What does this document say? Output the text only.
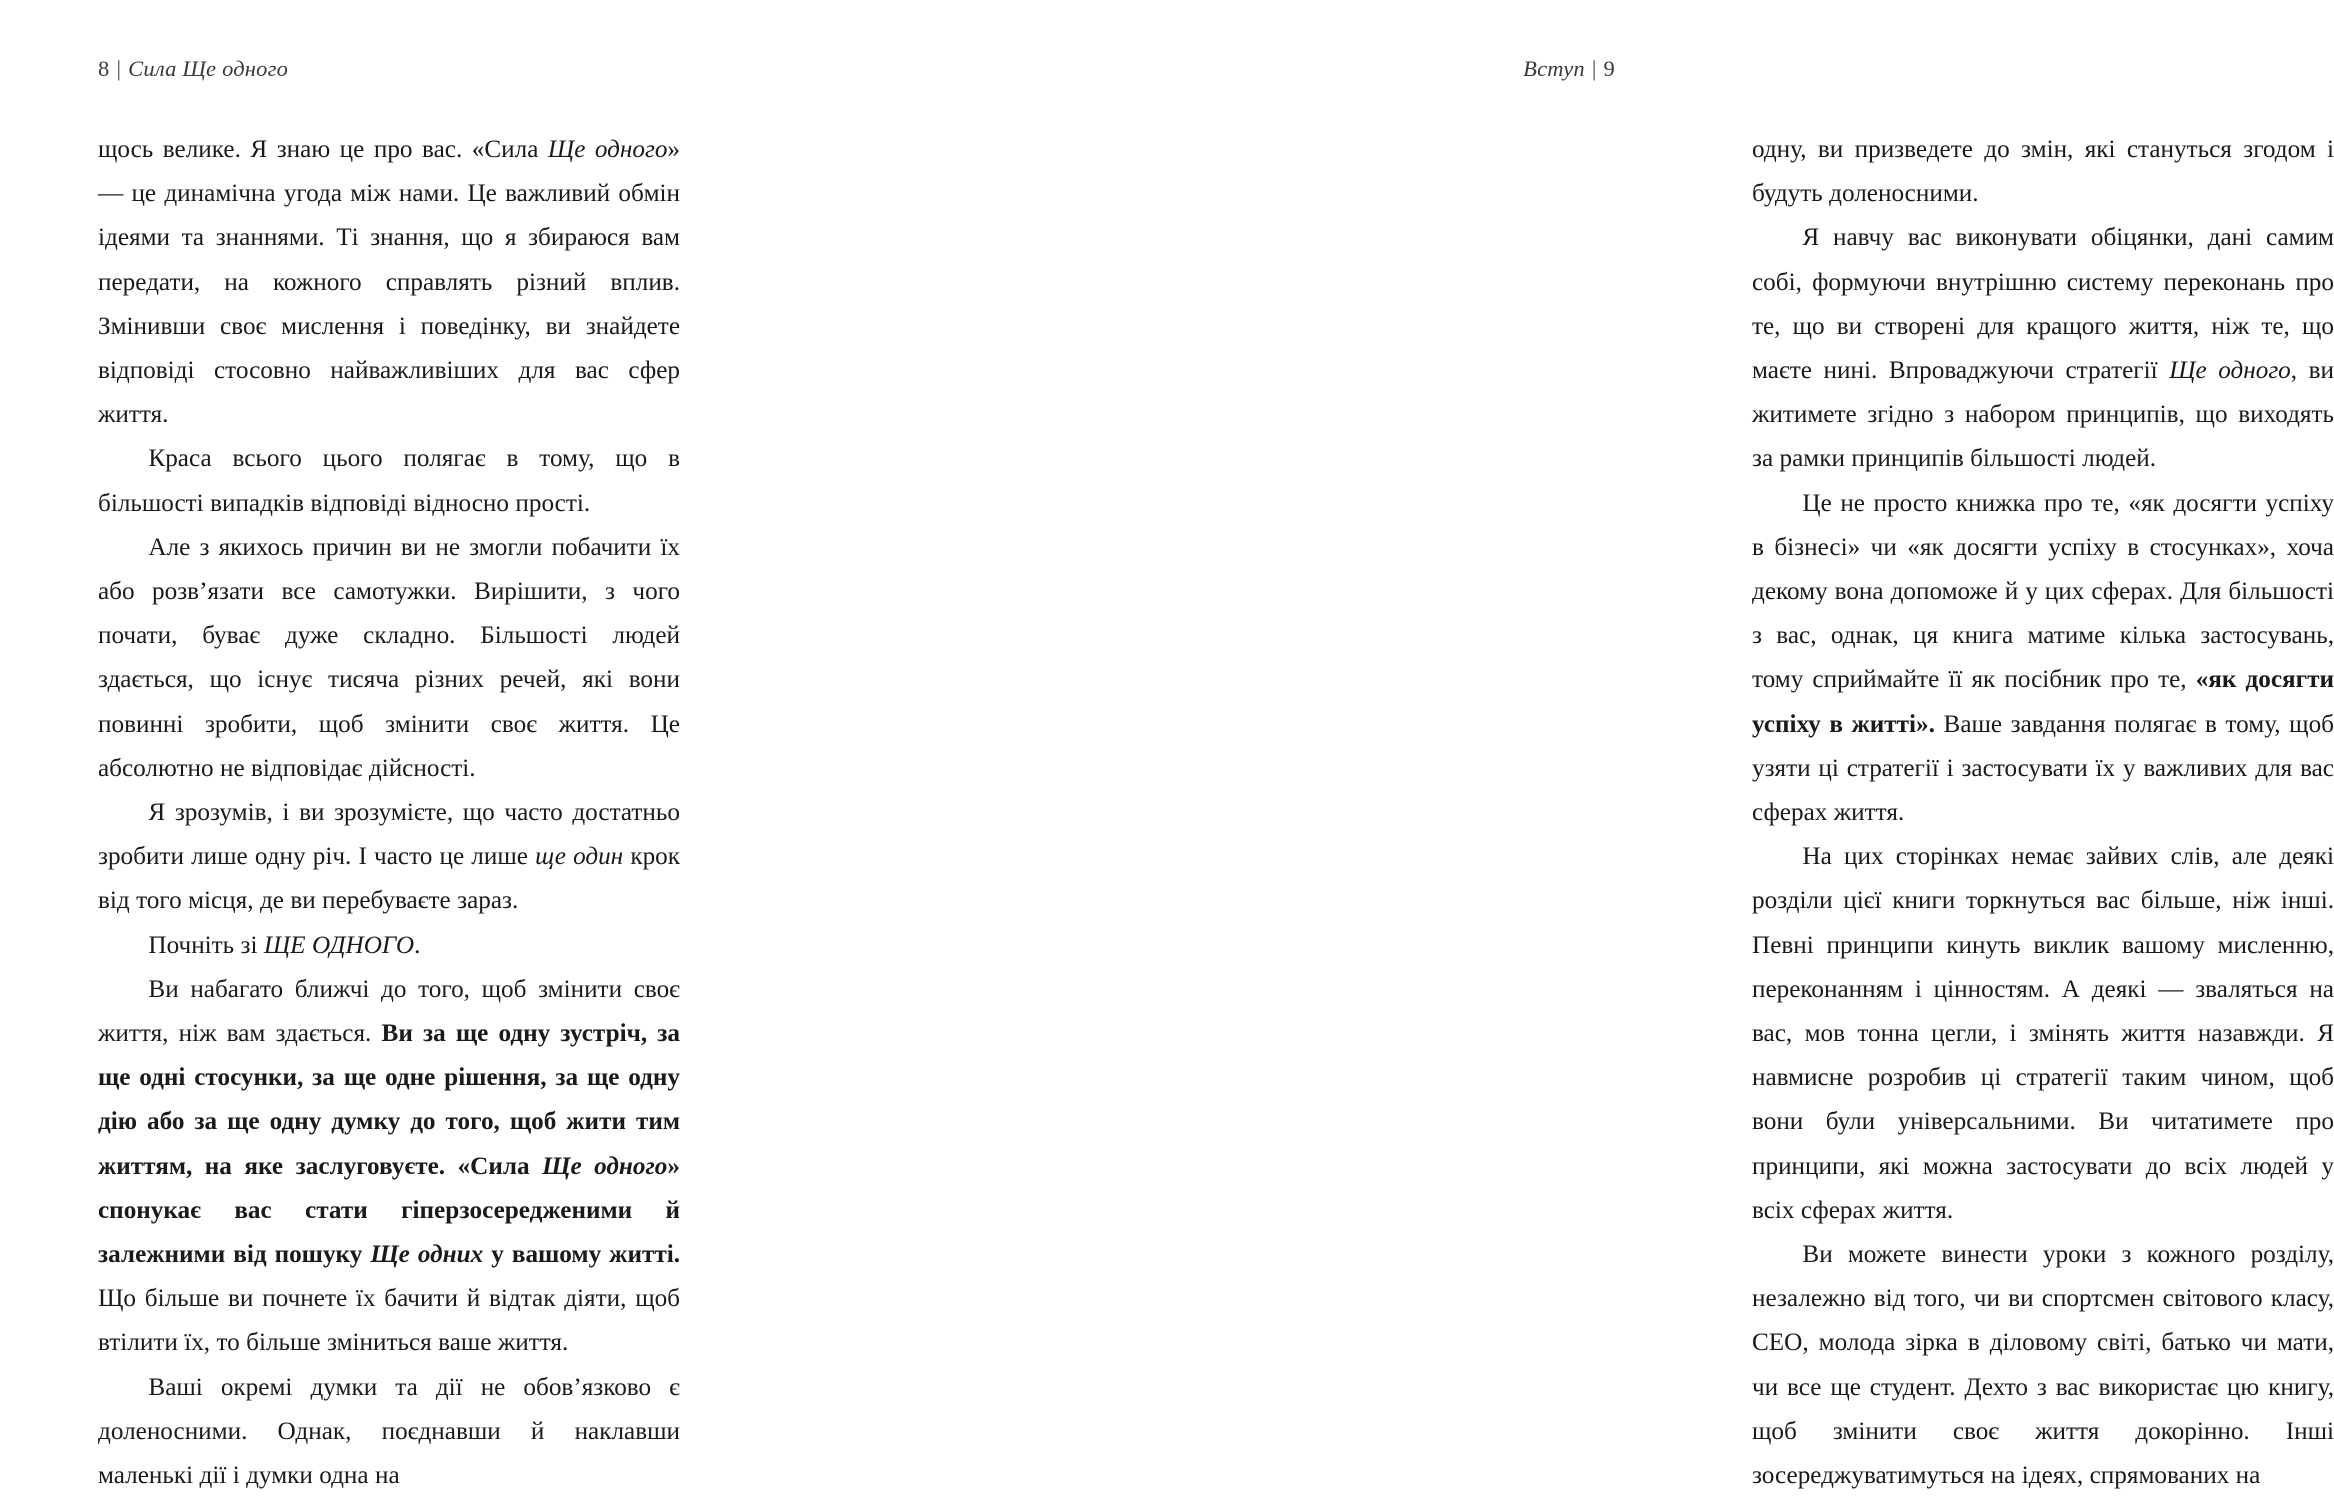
8 | Сила Ще одного

щось велике. Я знаю це про вас. «Сила Ще одного» — це динамічна угода між нами. Це важливий обмін ідеями та знаннями. Ті знання, що я збираюся вам передати, на кожного справлять різний вплив. Змінивши своє мислення і поведінку, ви знайдете відповіді стосовно найважливіших для вас сфер життя.

Краса всього цього полягає в тому, що в більшості випадків відповіді відносно прості.

Але з якихось причин ви не змогли побачити їх або розв’язати все самотужки. Вирішити, з чого почати, буває дуже складно. Більшості людей здається, що існує тисяча різних речей, які вони повинні зробити, щоб змінити своє життя. Це абсолютно не відповідає дійсності.

Я зрозумів, і ви зрозумієте, що часто достатньо зробити лише одну річ. І часто це лише ще один крок від того місця, де ви перебуваєте зараз.

Почніть зі ЩЕ ОДНОГО.

Ви набагато ближчі до того, щоб змінити своє життя, ніж вам здається. Ви за ще одну зустріч, за ще одні стосунки, за ще одне рішення, за ще одну дію або за ще одну думку до того, щоб жити тим життям, на яке заслуговуєте. «Сила Ще одного» спонукає вас стати гіперзосередженими й залежними від пошуку Ще одних у вашому житті. Що більше ви почнете їх бачити й відтак діяти, щоб втілити їх, то більше зміниться ваше життя.

Ваші окремі думки та дії не обов’язково є доленосними. Однак, поєднавши й наклавши маленькі дії і думки одна на

Вступ | 9

одну, ви призведете до змін, які стануться згодом і будуть доленосними.

Я навчу вас виконувати обіцянки, дані самим собі, формуючи внутрішню систему переконань про те, що ви створені для кращого життя, ніж те, що маєте нині. Впроваджуючи стратегії Ще одного, ви житимете згідно з набором принципів, що виходять за рамки принципів більшості людей.

Це не просто книжка про те, «як досягти успіху в бізнесі» чи «як досягти успіху в стосунках», хоча декому вона допоможе й у цих сферах. Для більшості з вас, однак, ця книга матиме кілька застосувань, тому сприймайте її як посібник про те, «як досягти успіху в житті». Ваше завдання полягає в тому, щоб узяти ці стратегії і застосувати їх у важливих для вас сферах життя.

На цих сторінках немає зайвих слів, але деякі розділи цієї книги торкнуться вас більше, ніж інші. Певні принципи кинуть виклик вашому мисленню, переконанням і цінностям. А деякі — зваляться на вас, мов тонна цегли, і змінять життя назавжди. Я навмисне розробив ці стратегії таким чином, щоб вони були універсальними. Ви читатимете про принципи, які можна застосувати до всіх людей у всіх сферах життя.

Ви можете винести уроки з кожного розділу, незалежно від того, чи ви спортсмен світового класу, СЕО, молода зірка в діловому світі, батько чи мати, чи все ще студент. Дехто з вас використає цю книгу, щоб змінити своє життя докорінно. Інші зосереджуватимуться на ідеях, спрямованих на
